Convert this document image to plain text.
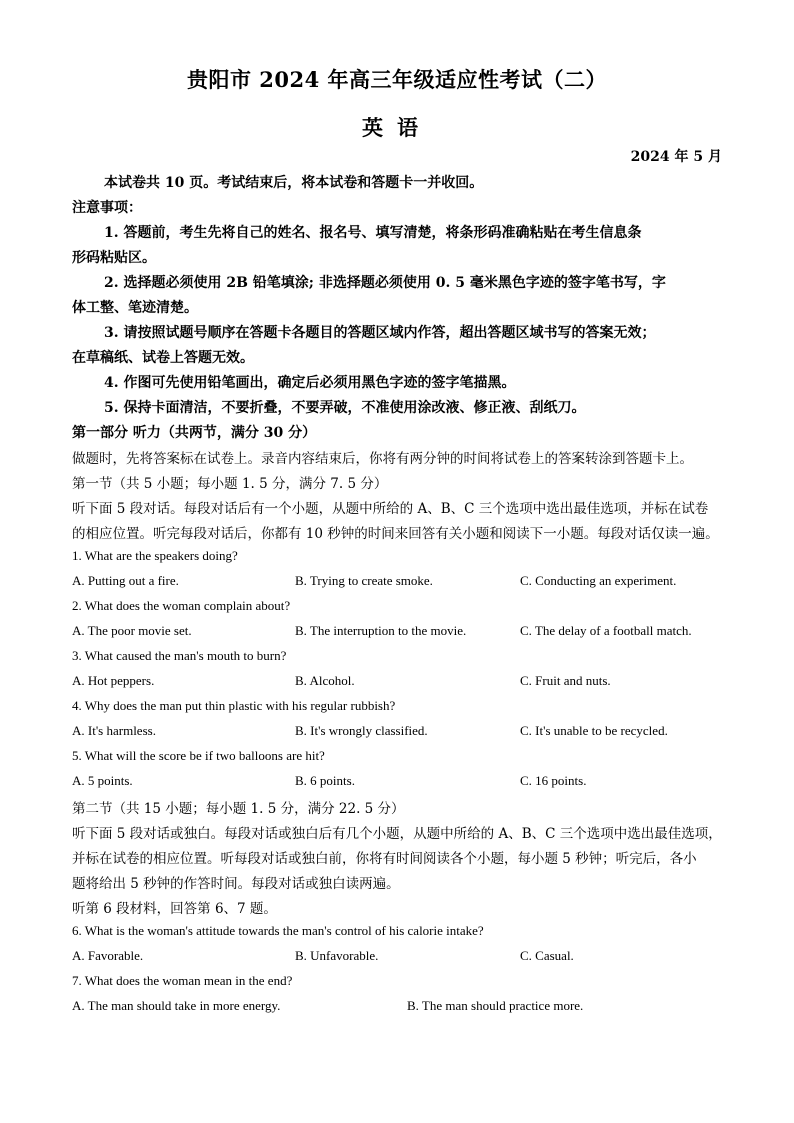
贵阳市 2024 年高三年级适应性考试（二）
英语
2024 年 5 月
本试卷共 10 页。考试结束后，将本试卷和答题卡一并收回。
注意事项：
1. 答题前，考生先将自己的姓名、报名号、填写清楚，将条形码准确粘贴在考生信息条
形码粘贴区。
2. 选择题必须使用 2B 铅笔填涂; 非选择题必须使用 0. 5 毫米黑色字迹的签字笔书写，字
体工整、笔迹清楚。
3. 请按照试题号顺序在答题卡各题目的答题区域内作答，超出答题区域书写的答案无效；
在草稿纸、试卷上答题无效。
4. 作图可先使用铅笔画出，确定后必须用黑色字迹的签字笔描黑。
5. 保持卡面清洁，不要折叠，不要弄破，不准使用涂改液、修正液、刮纸刀。
第一部分 听力（共两节，满分 30 分）
做题时，先将答案标在试卷上。录音内容结束后，你将有两分钟的时间将试卷上的答案转涂到答题卡上。
第一节（共 5 小题；每小题 1. 5 分，满分 7. 5 分）
听下面 5 段对话。每段对话后有一个小题，从题中所给的 A、B、C 三个选项中选出最佳选项，并标在试卷
的相应位置。听完每段对话后，你都有 10 秒钟的时间来回答有关小题和阅读下一小题。每段对话仅读一遍。
1. What are the speakers doing?
A. Putting out a fire.	B. Trying to create smoke.	C. Conducting an experiment.
2. What does the woman complain about?
A. The poor movie set.	B. The interruption to the movie.	C. The delay of a football match.
3. What caused the man's mouth to burn?
A. Hot peppers.	B. Alcohol.	C. Fruit and nuts.
4. Why does the man put thin plastic with his regular rubbish?
A. It's harmless.	B. It's wrongly classified.	C. It's unable to be recycled.
5. What will the score be if two balloons are hit?
A. 5 points.	B. 6 points.	C. 16 points.
第二节（共 15 小题；每小题 1. 5 分，满分 22. 5 分）
听下面 5 段对话或独白。每段对话或独白后有几个小题，从题中所给的 A、B、C 三个选项中选出最佳选项，
并标在试卷的相应位置。听每段对话或独白前，你将有时间阅读各个小题，每小题 5 秒钟；听完后，各小
题将给出 5 秒钟的作答时间。每段对话或独白读两遍。
听第 6 段材料，回答第 6、7 题。
6. What is the woman's attitude towards the man's control of his calorie intake?
A. Favorable.	B. Unfavorable.	C. Casual.
7. What does the woman mean in the end?
A. The man should take in more energy.	B. The man should practice more.
